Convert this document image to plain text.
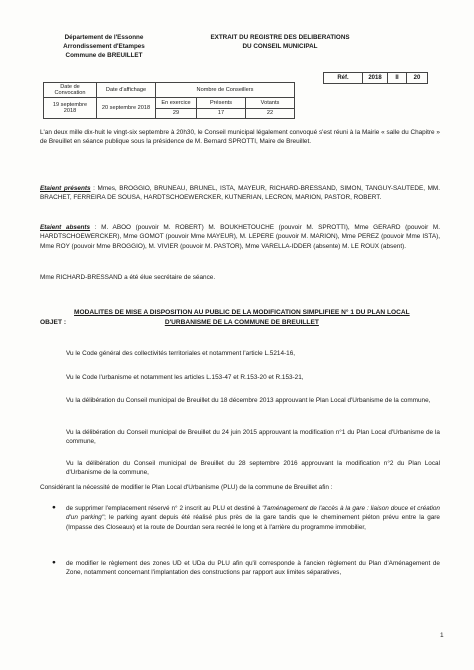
Département de l'Essonne
Arrondissement d'Etampes
Commune de BREUILLET
EXTRAIT DU REGISTRE DES DELIBERATIONS
DU CONSEIL MUNICIPAL
Réf.	2018	II	20
Date de Convocation	Date d'affichage	Nombre de Conseillers		
19 septembre 2018	20 septembre 2018	En exercice	Présents	Votants
		29	17	22
L'an deux mille dix-huit le vingt-six septembre à 20h30, le Conseil municipal légalement convoqué s'est réuni à la Mairie « salle du Chapitre » de Breuillet en séance publique sous la présidence de M. Bernard SPROTTI, Maire de Breuillet.
Etaient présents : Mmes, BROGGIO, BRUNEAU, BRUNEL, ISTA, MAYEUR, RICHARD-BRESSAND, SIMON, TANGUY-SAUTEDE, MM. BRACHET, FERREIRA DE SOUSA, HARDTSCHOEWERCKER, KUTNERIAN, LECRON, MARION, PASTOR, ROBERT.
Etaient absents : M. ABOO (pouvoir M. ROBERT) M. BOUKHETOUCHE (pouvoir M. SPROTTI), Mme GERARD (pouvoir M. HARDTSCHOEWERCKER), Mme GOMOT (pouvoir Mme MAYEUR), M. LEPERE (pouvoir M. MARION), Mme PEREZ (pouvoir Mme ISTA), Mme ROY (pouvoir Mme BROGGIO), M. VIVIER (pouvoir M. PASTOR), Mme VARELLA-IDDER (absente) M. LE ROUX (absent).
Mme RICHARD-BRESSAND a été élue secrétaire de séance.
OBJET : MODALITES DE MISE A DISPOSITION AU PUBLIC DE LA MODIFICATION SIMPLIFIEE N° 1 DU PLAN LOCAL D'URBANISME DE LA COMMUNE DE BREUILLET
Vu le Code général des collectivités territoriales et notamment l'article L.5214-16,
Vu le Code l'urbanisme et notamment les articles L.153-47 et R.153-20 et R.153-21,
Vu la délibération du Conseil municipal de Breuillet du 18 décembre 2013 approuvant le Plan Local d'Urbanisme de la commune,
Vu la délibération du Conseil municipal de Breuillet du 24 juin 2015 approuvant la modification n°1 du Plan Local d'Urbanisme de la commune,
Vu la délibération du Conseil municipal de Breuillet du 28 septembre 2016 approuvant la modification n°2 du Plan Local d'Urbanisme de la commune,
Considérant la nécessité de modifier le Plan Local d'Urbanisme (PLU) de la commune de Breuillet afin :
● de supprimer l'emplacement réservé n° 2 inscrit au PLU et destiné à "l'aménagement de l'accès à la gare : liaison douce et création d'un parking"; le parking ayant depuis été réalisé plus près de la gare tandis que le cheminement piéton prévu entre la gare (Impasse des Closeaux) et la route de Dourdan sera recréé le long et à l'arrière du programme immobilier,
● de modifier le règlement des zones UD et UDa du PLU afin qu'il corresponde à l'ancien règlement du Plan d'Aménagement de Zone, notamment concernant l'implantation des constructions par rapport aux limites séparatives,
1
